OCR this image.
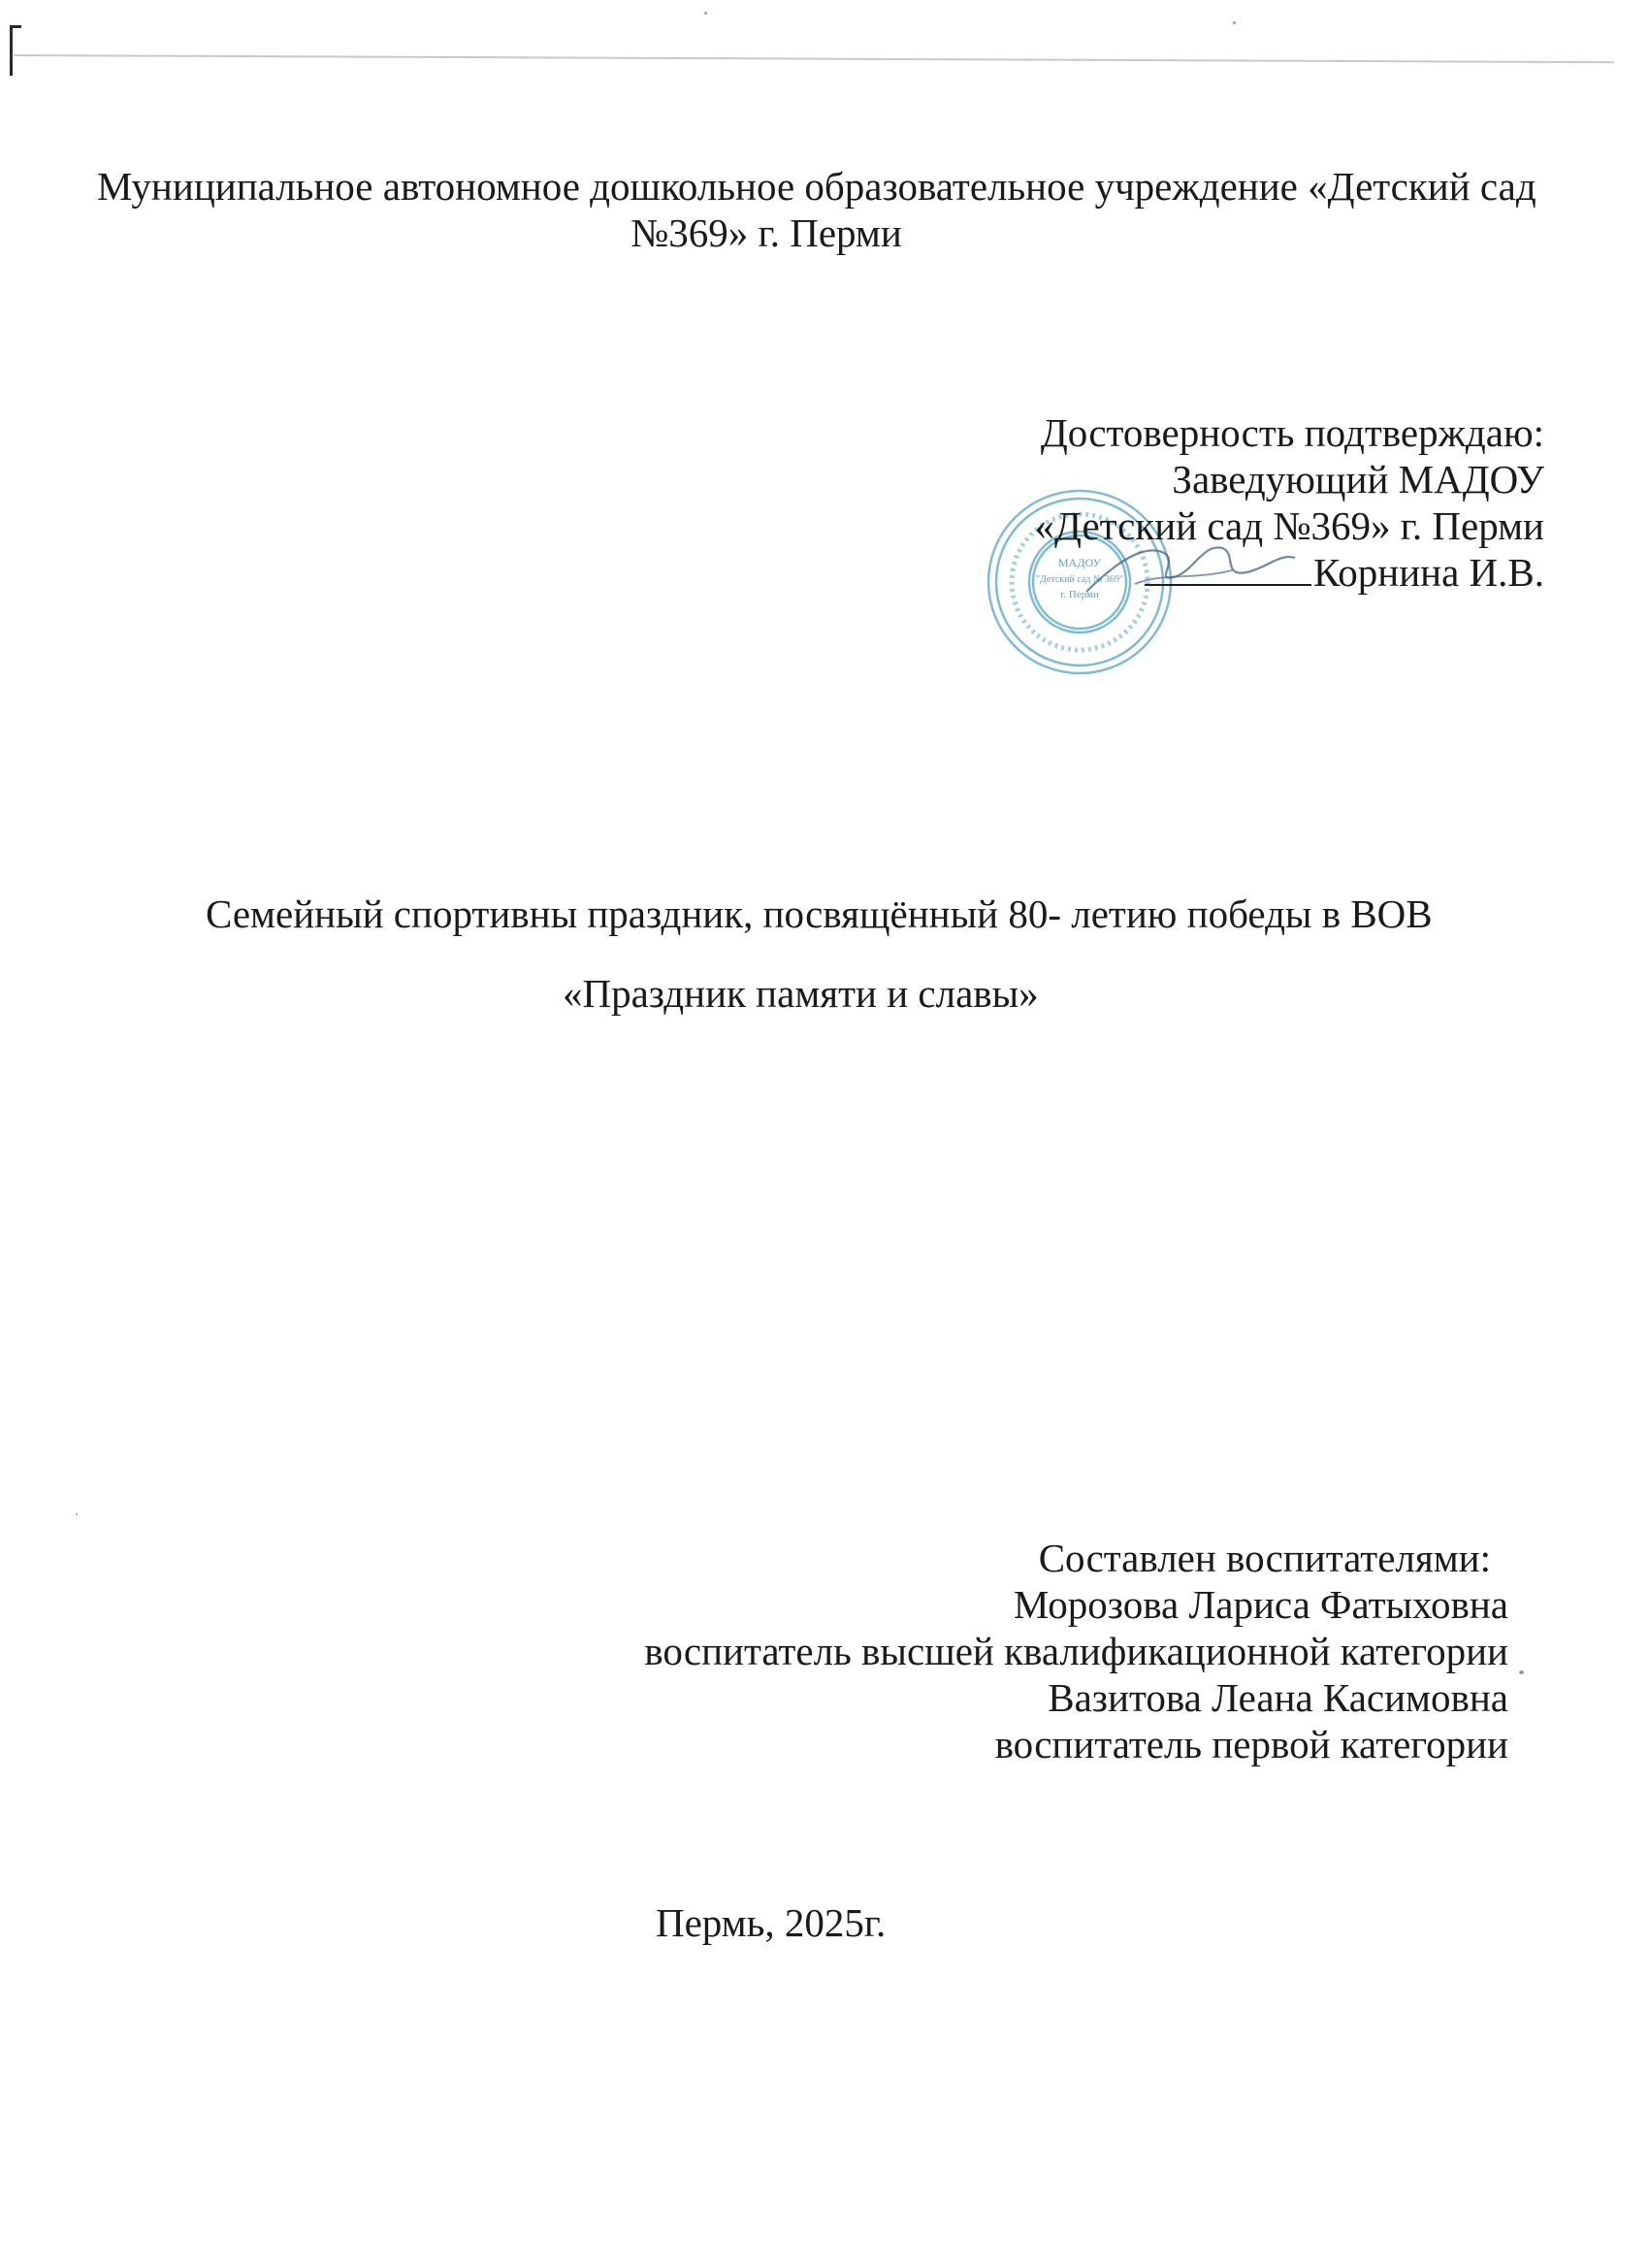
Муниципальное автономное дошкольное образовательное учреждение «Детский сад
№369» г. Перми
МАДОУ
"Детский сад № 369"
г. Перми
Достоверность подтверждаю:
Заведующий МАДОУ
«Детский сад №369» г. Перми
Корнина И.В.
Семейный спортивны праздник, посвящённый 80- летию победы в ВОВ
«Праздник памяти и славы»
Составлен воспитателями:
Морозова Лариса Фатыховна
воспитатель высшей квалификационной категории
Вазитова Леана Касимовна
воспитатель первой категории
Пермь, 2025г.
